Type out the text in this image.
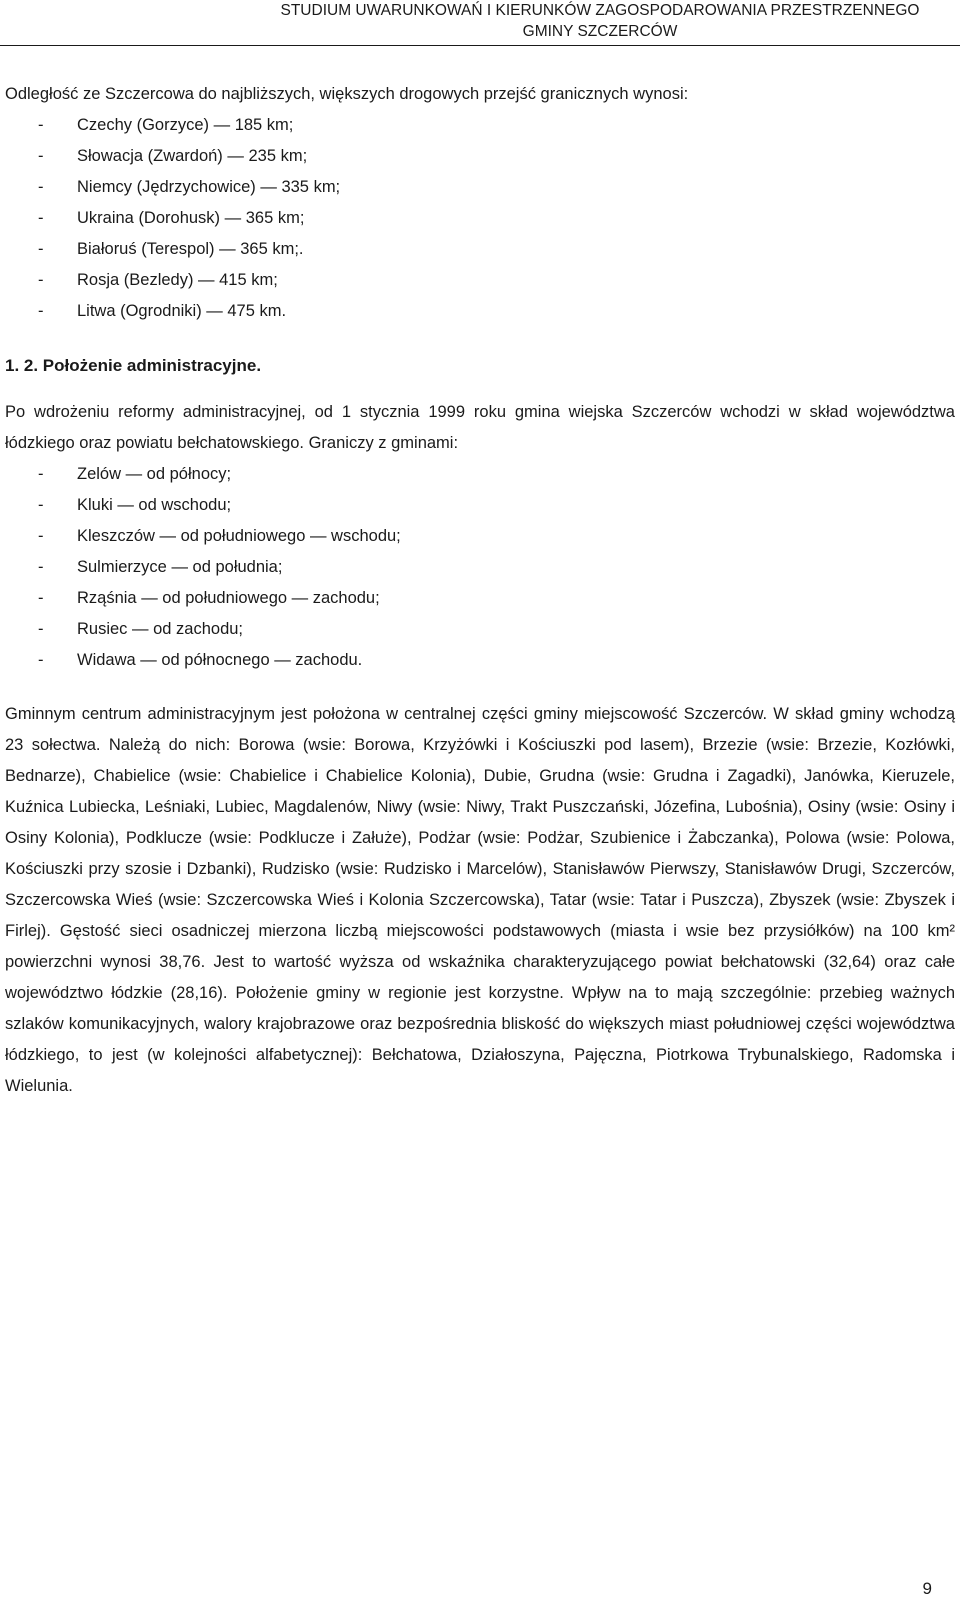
STUDIUM UWARUNKOWAŃ I KIERUNKÓW ZAGOSPODAROWANIA PRZESTRZENNEGO
GMINY SZCZERCÓW
Odległość ze Szczercowa do najbliższych, większych drogowych przejść granicznych wynosi:
- Czechy (Gorzyce) — 185 km;
- Słowacja (Zwardoń) — 235 km;
- Niemcy (Jędrzychowice) — 335 km;
- Ukraina (Dorohusk) — 365 km;
- Białoruś (Terespol) — 365 km;.
- Rosja (Bezledy) — 415 km;
- Litwa (Ogrodniki) — 475 km.
1. 2. Położenie administracyjne.

Po wdrożeniu reformy administracyjnej, od 1 stycznia 1999 roku gmina wiejska Szczerców wchodzi w skład województwa łódzkiego oraz powiatu bełchatowskiego. Graniczy z gminami:

- Zelów — od północy;
- Kluki — od wschodu;
- Kleszczów — od południowego — wschodu;
- Sulmierzyce — od południa;
- Rząśnia — od południowego — zachodu;
- Rusiec — od zachodu;
- Widawa — od północnego — zachodu.

Gminnym centrum administracyjnym jest położona w centralnej części gminy miejscowość Szczerców. W skład gminy wchodzą 23 sołectwa. Należą do nich: Borowa (wsie: Borowa, Krzyżówki i Kościuszki pod lasem), Brzezie (wsie: Brzezie, Kozłówki, Bednarze), Chabielice (wsie: Chabielice i Chabielice Kolonia), Dubie, Grudna (wsie: Grudna i Zagadki), Janówka, Kieruzele, Kuźnica Lubiecka, Leśniaki, Lubiec, Magdalenów, Niwy (wsie: Niwy, Trakt Puszczański, Józefina, Lubośnia), Osiny (wsie: Osiny i Osiny Kolonia), Podklucze (wsie: Podklucze i Załuże), Podżar (wsie: Podżar, Szubienice i Żabczanka), Polowa (wsie: Polowa, Kościuszki przy szosie i Dzbanki), Rudzisko (wsie: Rudzisko i Marcelów), Stanisławów Pierwszy, Stanisławów Drugi, Szczerców, Szczercowska Wieś (wsie: Szczercowska Wieś i Kolonia Szczercowska), Tatar (wsie: Tatar i Puszcza), Zbyszek (wsie: Zbyszek i Firlej). Gęstość sieci osadniczej mierzona liczbą miejscowości podstawowych (miasta i wsie bez przysiółków) na 100 km² powierzchni wynosi 38,76. Jest to wartość wyższa od wskaźnika charakteryzującego powiat bełchatowski (32,64) oraz całe województwo łódzkie (28,16). Położenie gminy w regionie jest korzystne. Wpływ na to mają szczególnie: przebieg ważnych szlaków komunikacyjnych, walory krajobrazowe oraz bezpośrednia bliskość do większych miast południowej części województwa łódzkiego, to jest (w kolejności alfabetycznej): Bełchatowa, Działoszyna, Pajęczna, Piotrkowa Trybunalskiego, Radomska i Wielunia.

9
